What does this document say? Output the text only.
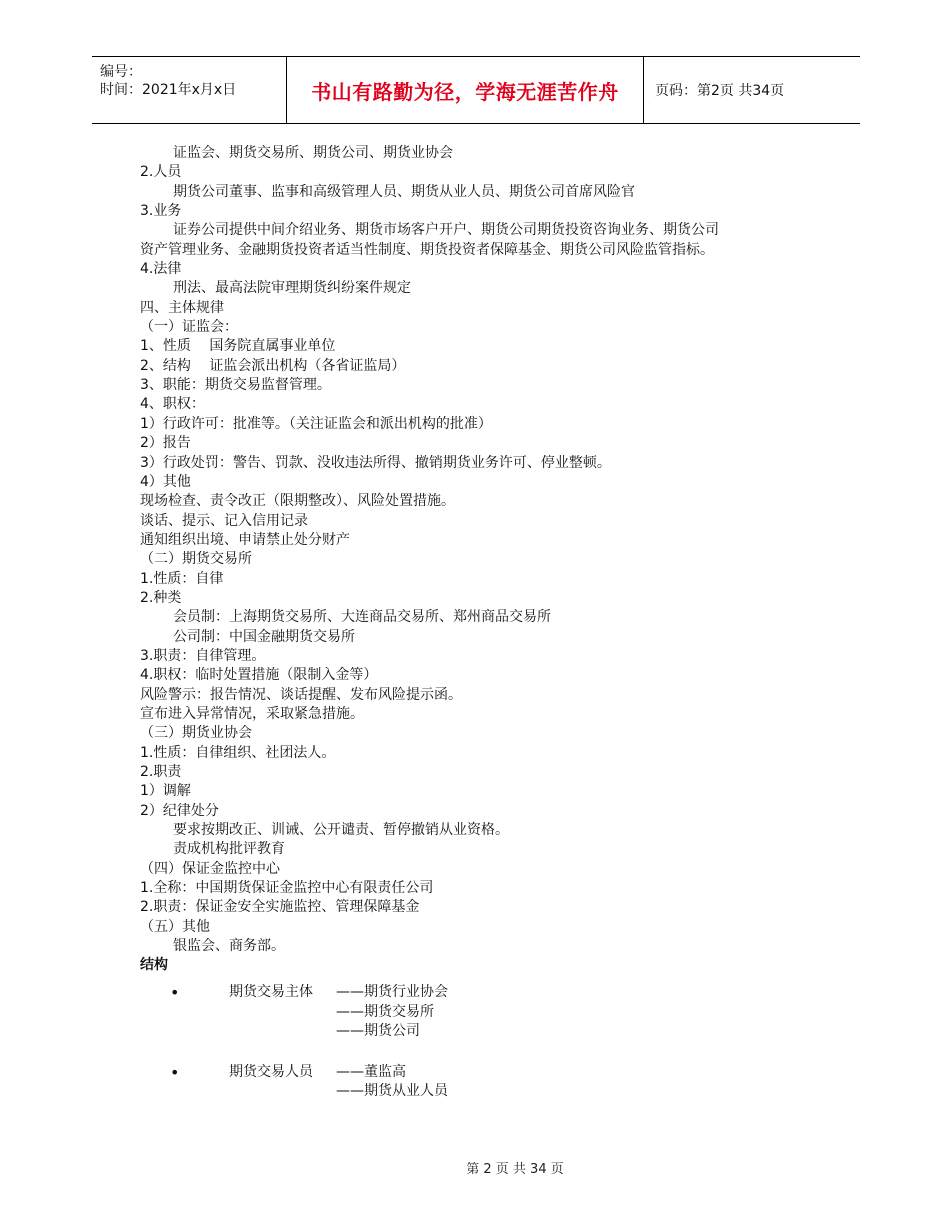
编号：
时间：2021年x月x日	书山有路勤为径，学海无涯苦作舟	页码：第2页 共34页
证监会、期货交易所、期货公司、期货业协会
2.人员
期货公司董事、监事和高级管理人员、期货从业人员、期货公司首席风险官
3.业务
证券公司提供中间介绍业务、期货市场客户开户、期货公司期货投资咨询业务、期货公司
资产管理业务、金融期货投资者适当性制度、期货投资者保障基金、期货公司风险监管指标。
4.法律
刑法、最高法院审理期货纠纷案件规定
四、主体规律
（一）证监会：
1、性质　 国务院直属事业单位
2、结构　 证监会派出机构（各省证监局）
3、职能：期货交易监督管理。
4、职权：
1）行政许可：批准等。（关注证监会和派出机构的批准）
2）报告
3）行政处罚：警告、罚款、没收违法所得、撤销期货业务许可、停业整顿。
4）其他
现场检查、责令改正（限期整改）、风险处置措施。
谈话、提示、记入信用记录
通知组织出境、申请禁止处分财产
（二）期货交易所
1.性质：自律
2.种类
会员制：上海期货交易所、大连商品交易所、郑州商品交易所
公司制：中国金融期货交易所
3.职责：自律管理。
4.职权：临时处置措施（限制入金等）
风险警示：报告情况、谈话提醒、发布风险提示函。
宣布进入异常情况，采取紧急措施。
（三）期货业协会
1.性质：自律组织、社团法人。
2.职责
1）调解
2）纪律处分
要求按期改正、训诫、公开谴责、暂停撤销从业资格。
责成机构批评教育
（四）保证金监控中心
1.全称：中国期货保证金监控中心有限责任公司
2.职责：保证金安全实施监控、管理保障基金
（五）其他
银监会、商务部。
结构
•	期货交易主体 ——期货行业协会
——期货交易所
——期货公司
•	期货交易人员 ——董监高
——期货从业人员
第 2 页 共 34 页
